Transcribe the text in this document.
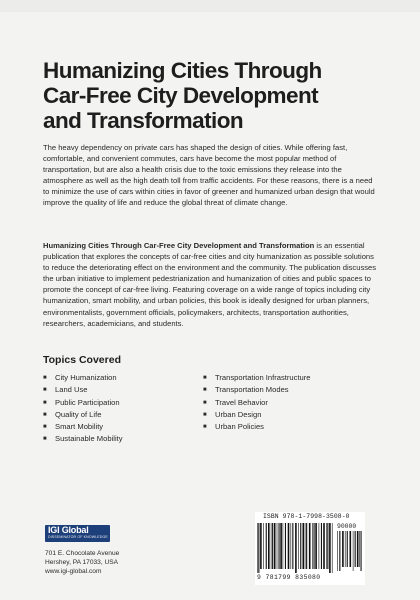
Humanizing Cities Through
Car-Free City Development
and Transformation

The heavy dependency on private cars has shaped the design of cities. While offering fast, comfortable, and convenient commutes, cars have become the most popular method of transportation, but are also a health crisis due to the toxic emissions they release into the atmosphere as well as the high death toll from traffic accidents. For these reasons, there is a need to minimize the use of cars within cities in favor of greener and humanized urban design that would improve the quality of life and reduce the global threat of climate change.

Humanizing Cities Through Car-Free City Development and Transformation is an essential publication that explores the concepts of car-free cities and city humanization as possible solutions to reduce the deteriorating effect on the environment and the community. The publication discusses the urban initiative to implement pedestrianization and humanization of cities and public spaces to promote the concept of car-free living. Featuring coverage on a wide range of topics including city humanization, smart mobility, and urban policies, this book is ideally designed for urban planners, environmentalists, government officials, policymakers, architects, transportation authorities, researchers, academicians, and students.

Topics Covered
■ City Humanization
■ Land Use
■ Public Participation
■ Quality of Life
■ Smart Mobility
■ Sustainable Mobility
■ Transportation Infrastructure
■ Transportation Modes
■ Travel Behavior
■ Urban Design
■ Urban Policies
IGI Global
DISSEMINATOR OF KNOWLEDGE

701 E. Chocolate Avenue
Hershey, PA 17033, USA
www.igi-global.com

ISBN 978-1-7998-3508-0
90000
9 781799 835080
